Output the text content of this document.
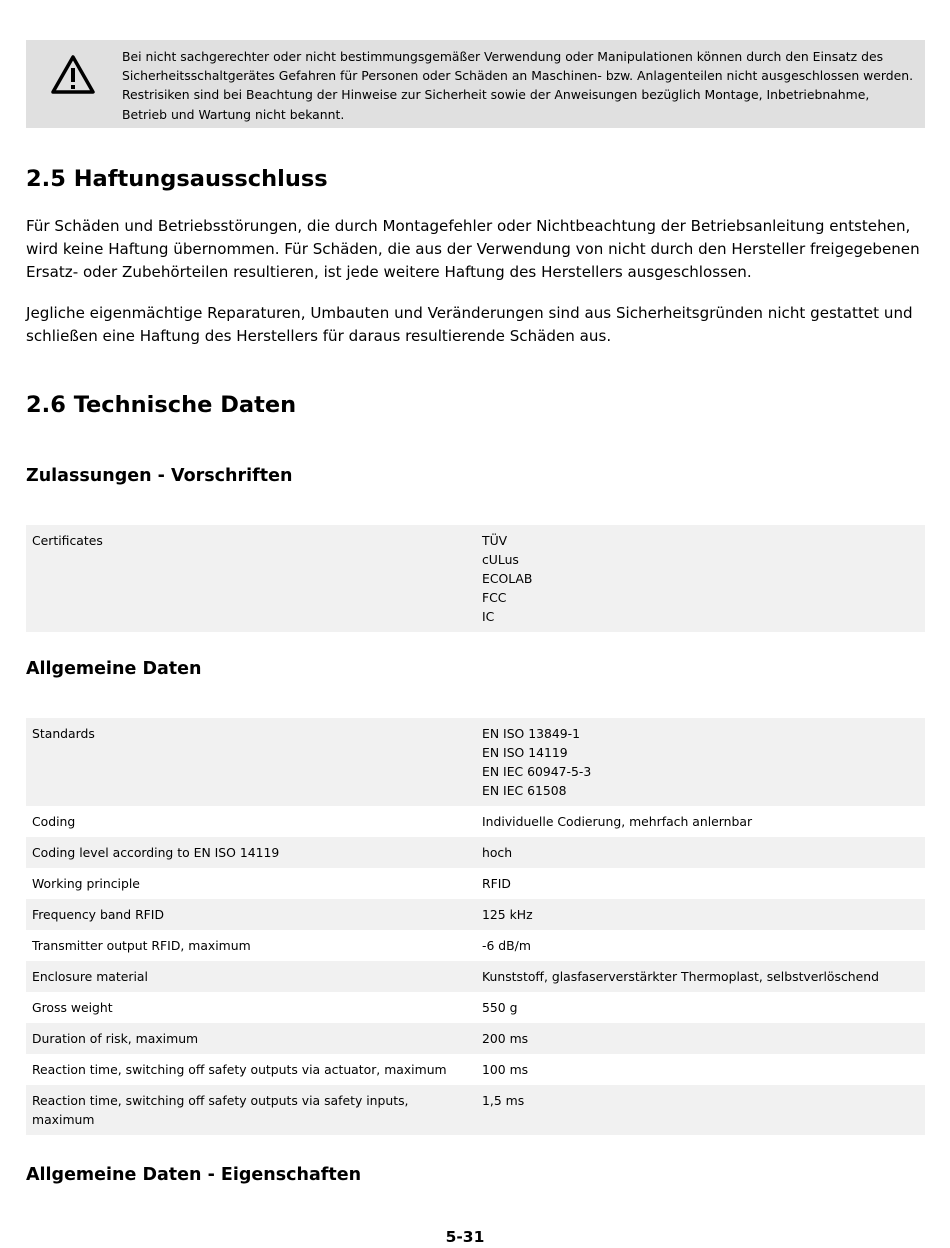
Bei nicht sachgerechter oder nicht bestimmungsgemäßer Verwendung oder Manipulationen können durch den Einsatz des
Sicherheitsschaltgerätes Gefahren für Personen oder Schäden an Maschinen- bzw. Anlagenteilen nicht ausgeschlossen werden.
Restrisiken sind bei Beachtung der Hinweise zur Sicherheit sowie der Anweisungen bezüglich Montage, Inbetriebnahme,
Betrieb und Wartung nicht bekannt.
2.5 Haftungsausschluss
Für Schäden und Betriebsstörungen, die durch Montagefehler oder Nichtbeachtung der Betriebsanleitung entstehen,
wird keine Haftung übernommen. Für Schäden, die aus der Verwendung von nicht durch den Hersteller freigegebenen
Ersatz- oder Zubehörteilen resultieren, ist jede weitere Haftung des Herstellers ausgeschlossen.
Jegliche eigenmächtige Reparaturen, Umbauten und Veränderungen sind aus Sicherheitsgründen nicht gestattet und
schließen eine Haftung des Herstellers für daraus resultierende Schäden aus.
2.6 Technische Daten
Zulassungen - Vorschriften
Certificates	TÜV
cULus
ECOLAB
FCC
IC
Allgemeine Daten
Standards	EN ISO 13849-1
EN ISO 14119
EN IEC 60947-5-3
EN IEC 61508

Coding	Individuelle Codierung, mehrfach anlernbar

Coding level according to EN ISO 14119	hoch

Working principle	RFID

Frequency band RFID	125 kHz

Transmitter output RFID, maximum	-6 dB/m

Enclosure material	Kunststoff, glasfaserverstärkter Thermoplast, selbstverlöschend

Gross weight	550 g

Duration of risk, maximum	200 ms

Reaction time, switching off safety outputs via actuator, maximum	100 ms

Reaction time, switching off safety outputs via safety inputs,
maximum	1,5 ms
Allgemeine Daten - Eigenschaften
5-31
